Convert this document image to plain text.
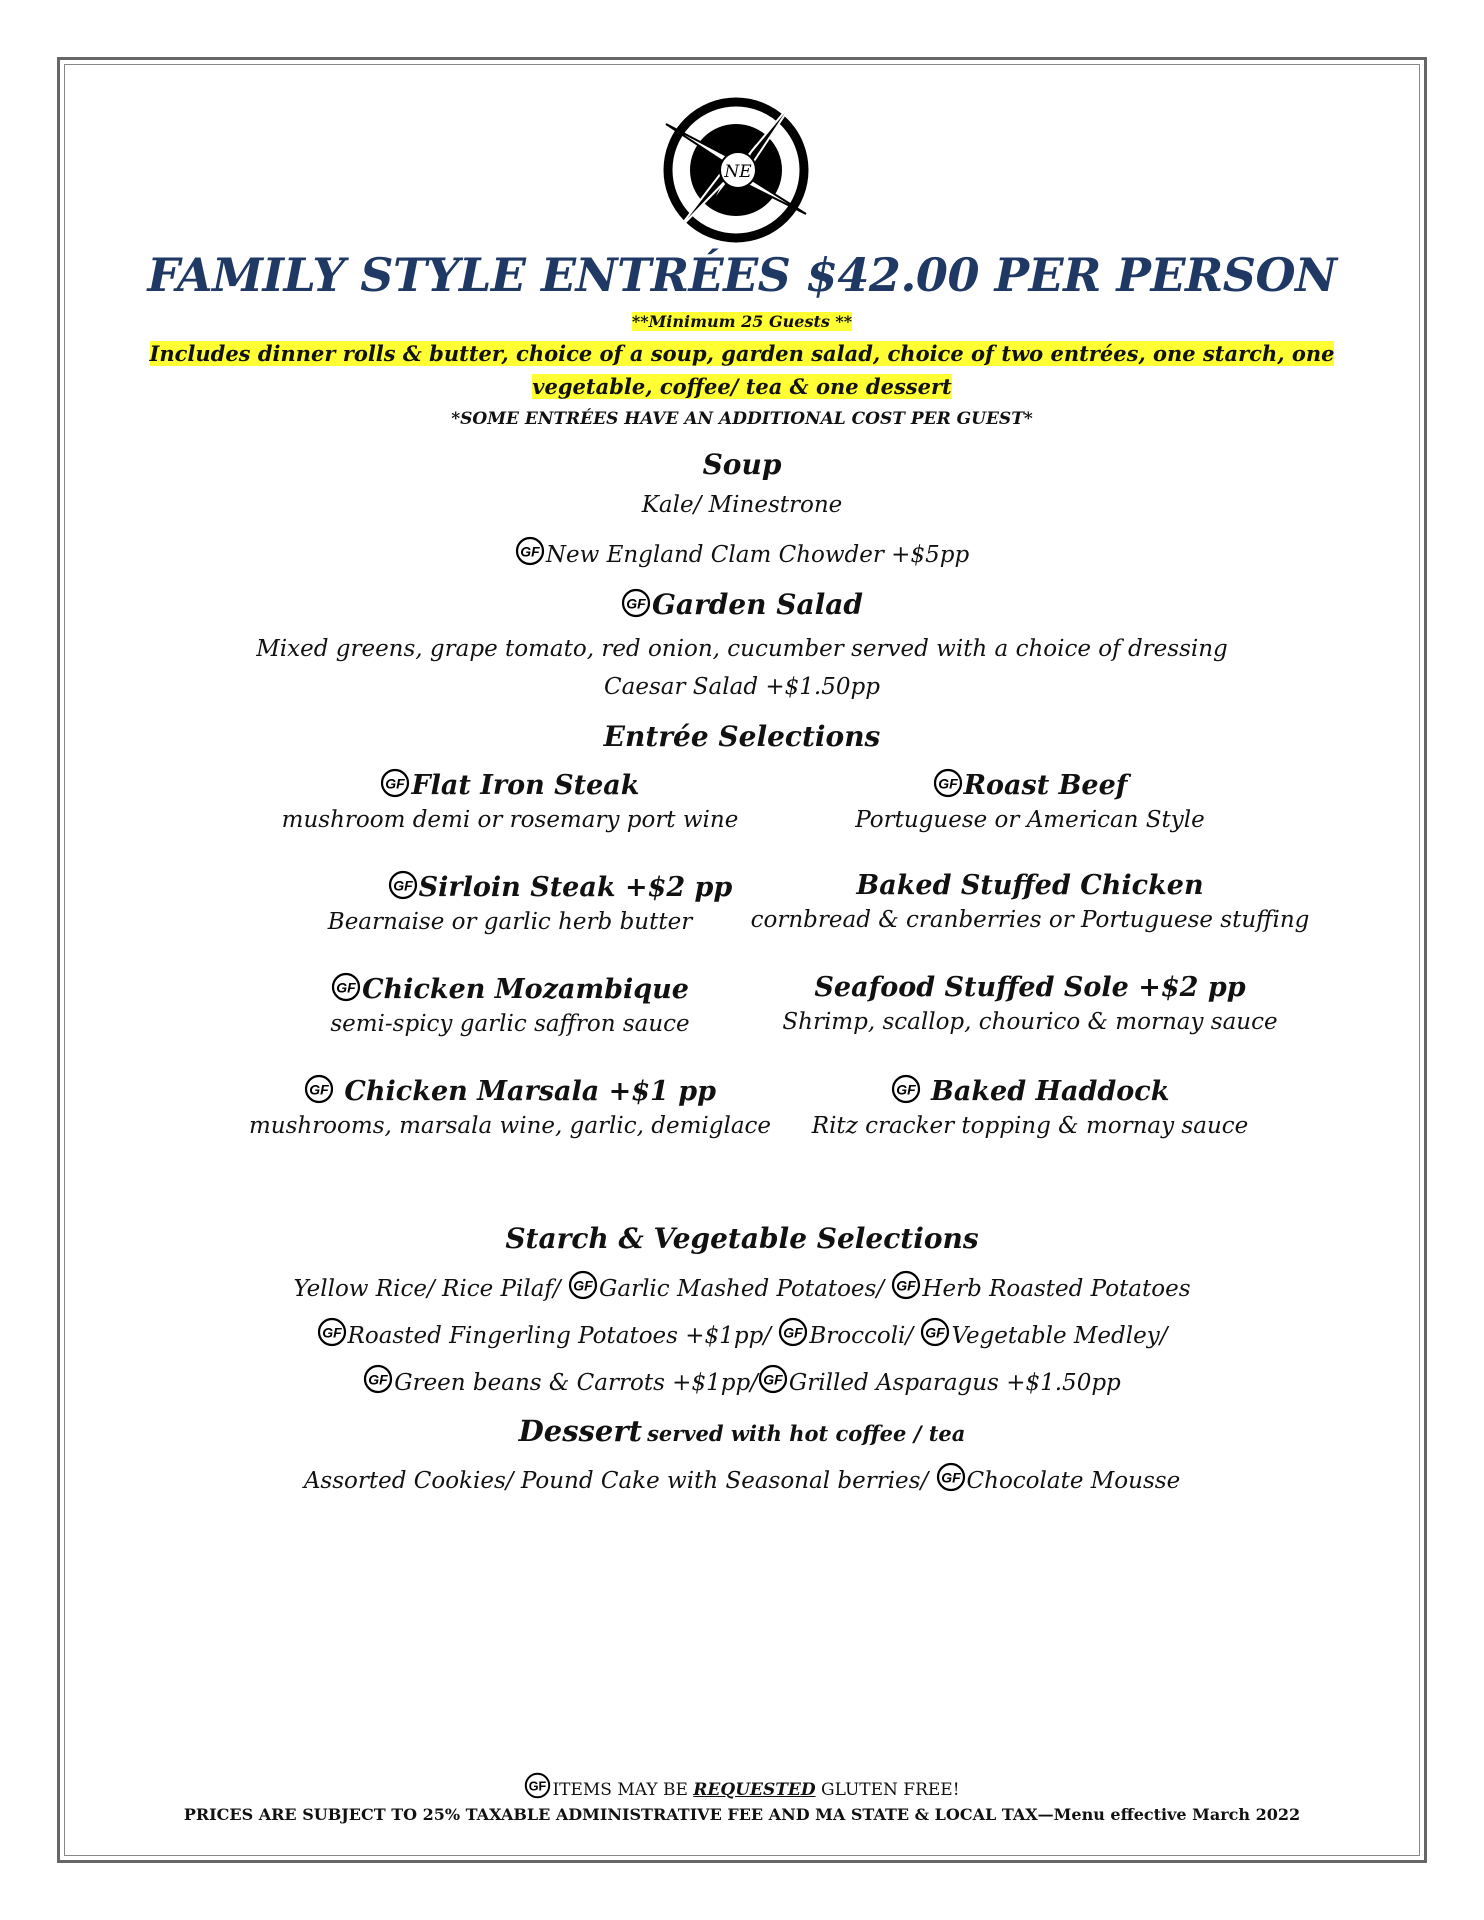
NE
FAMILY STYLE ENTRÉES $42.00 PER PERSON
**Minimum 25 Guests **
Includes dinner rolls & butter, choice of a soup, garden salad, choice of two entrées, one starch, one
vegetable, coffee/ tea & one dessert
*SOME ENTRÉES HAVE AN ADDITIONAL COST PER GUEST*
Soup
Kale/ Minestrone
GF New England Clam Chowder +$5pp
GF Garden Salad
Mixed greens, grape tomato, red onion, cucumber served with a choice of dressing
Caesar Salad +$1.50pp
Entrée Selections
GF Flat Iron Steak
mushroom demi or rosemary port wine
GF Roast Beef
Portuguese or American Style
GF Sirloin Steak +$2 pp
Bearnaise or garlic herb butter
Baked Stuffed Chicken
cornbread & cranberries or Portuguese stuffing
GF Chicken Mozambique
semi-spicy garlic saffron sauce
Seafood Stuffed Sole +$2 pp
Shrimp, scallop, chourico & mornay sauce
GF Chicken Marsala +$1 pp
mushrooms, marsala wine, garlic, demiglace
GF Baked Haddock
Ritz cracker topping & mornay sauce
Starch & Vegetable Selections
Yellow Rice/ Rice Pilaf/ GF Garlic Mashed Potatoes/ GF Herb Roasted Potatoes
GF Roasted Fingerling Potatoes +$1pp/ GF Broccoli/ GF Vegetable Medley/
GF Green beans & Carrots +$1pp/ GF Grilled Asparagus +$1.50pp
Dessert served with hot coffee / tea
Assorted Cookies/ Pound Cake with Seasonal berries/ GF Chocolate Mousse
GF ITEMS MAY BE REQUESTED GLUTEN FREE!
PRICES ARE SUBJECT TO 25% TAXABLE ADMINISTRATIVE FEE AND MA STATE & LOCAL TAX—Menu effective March 2022
